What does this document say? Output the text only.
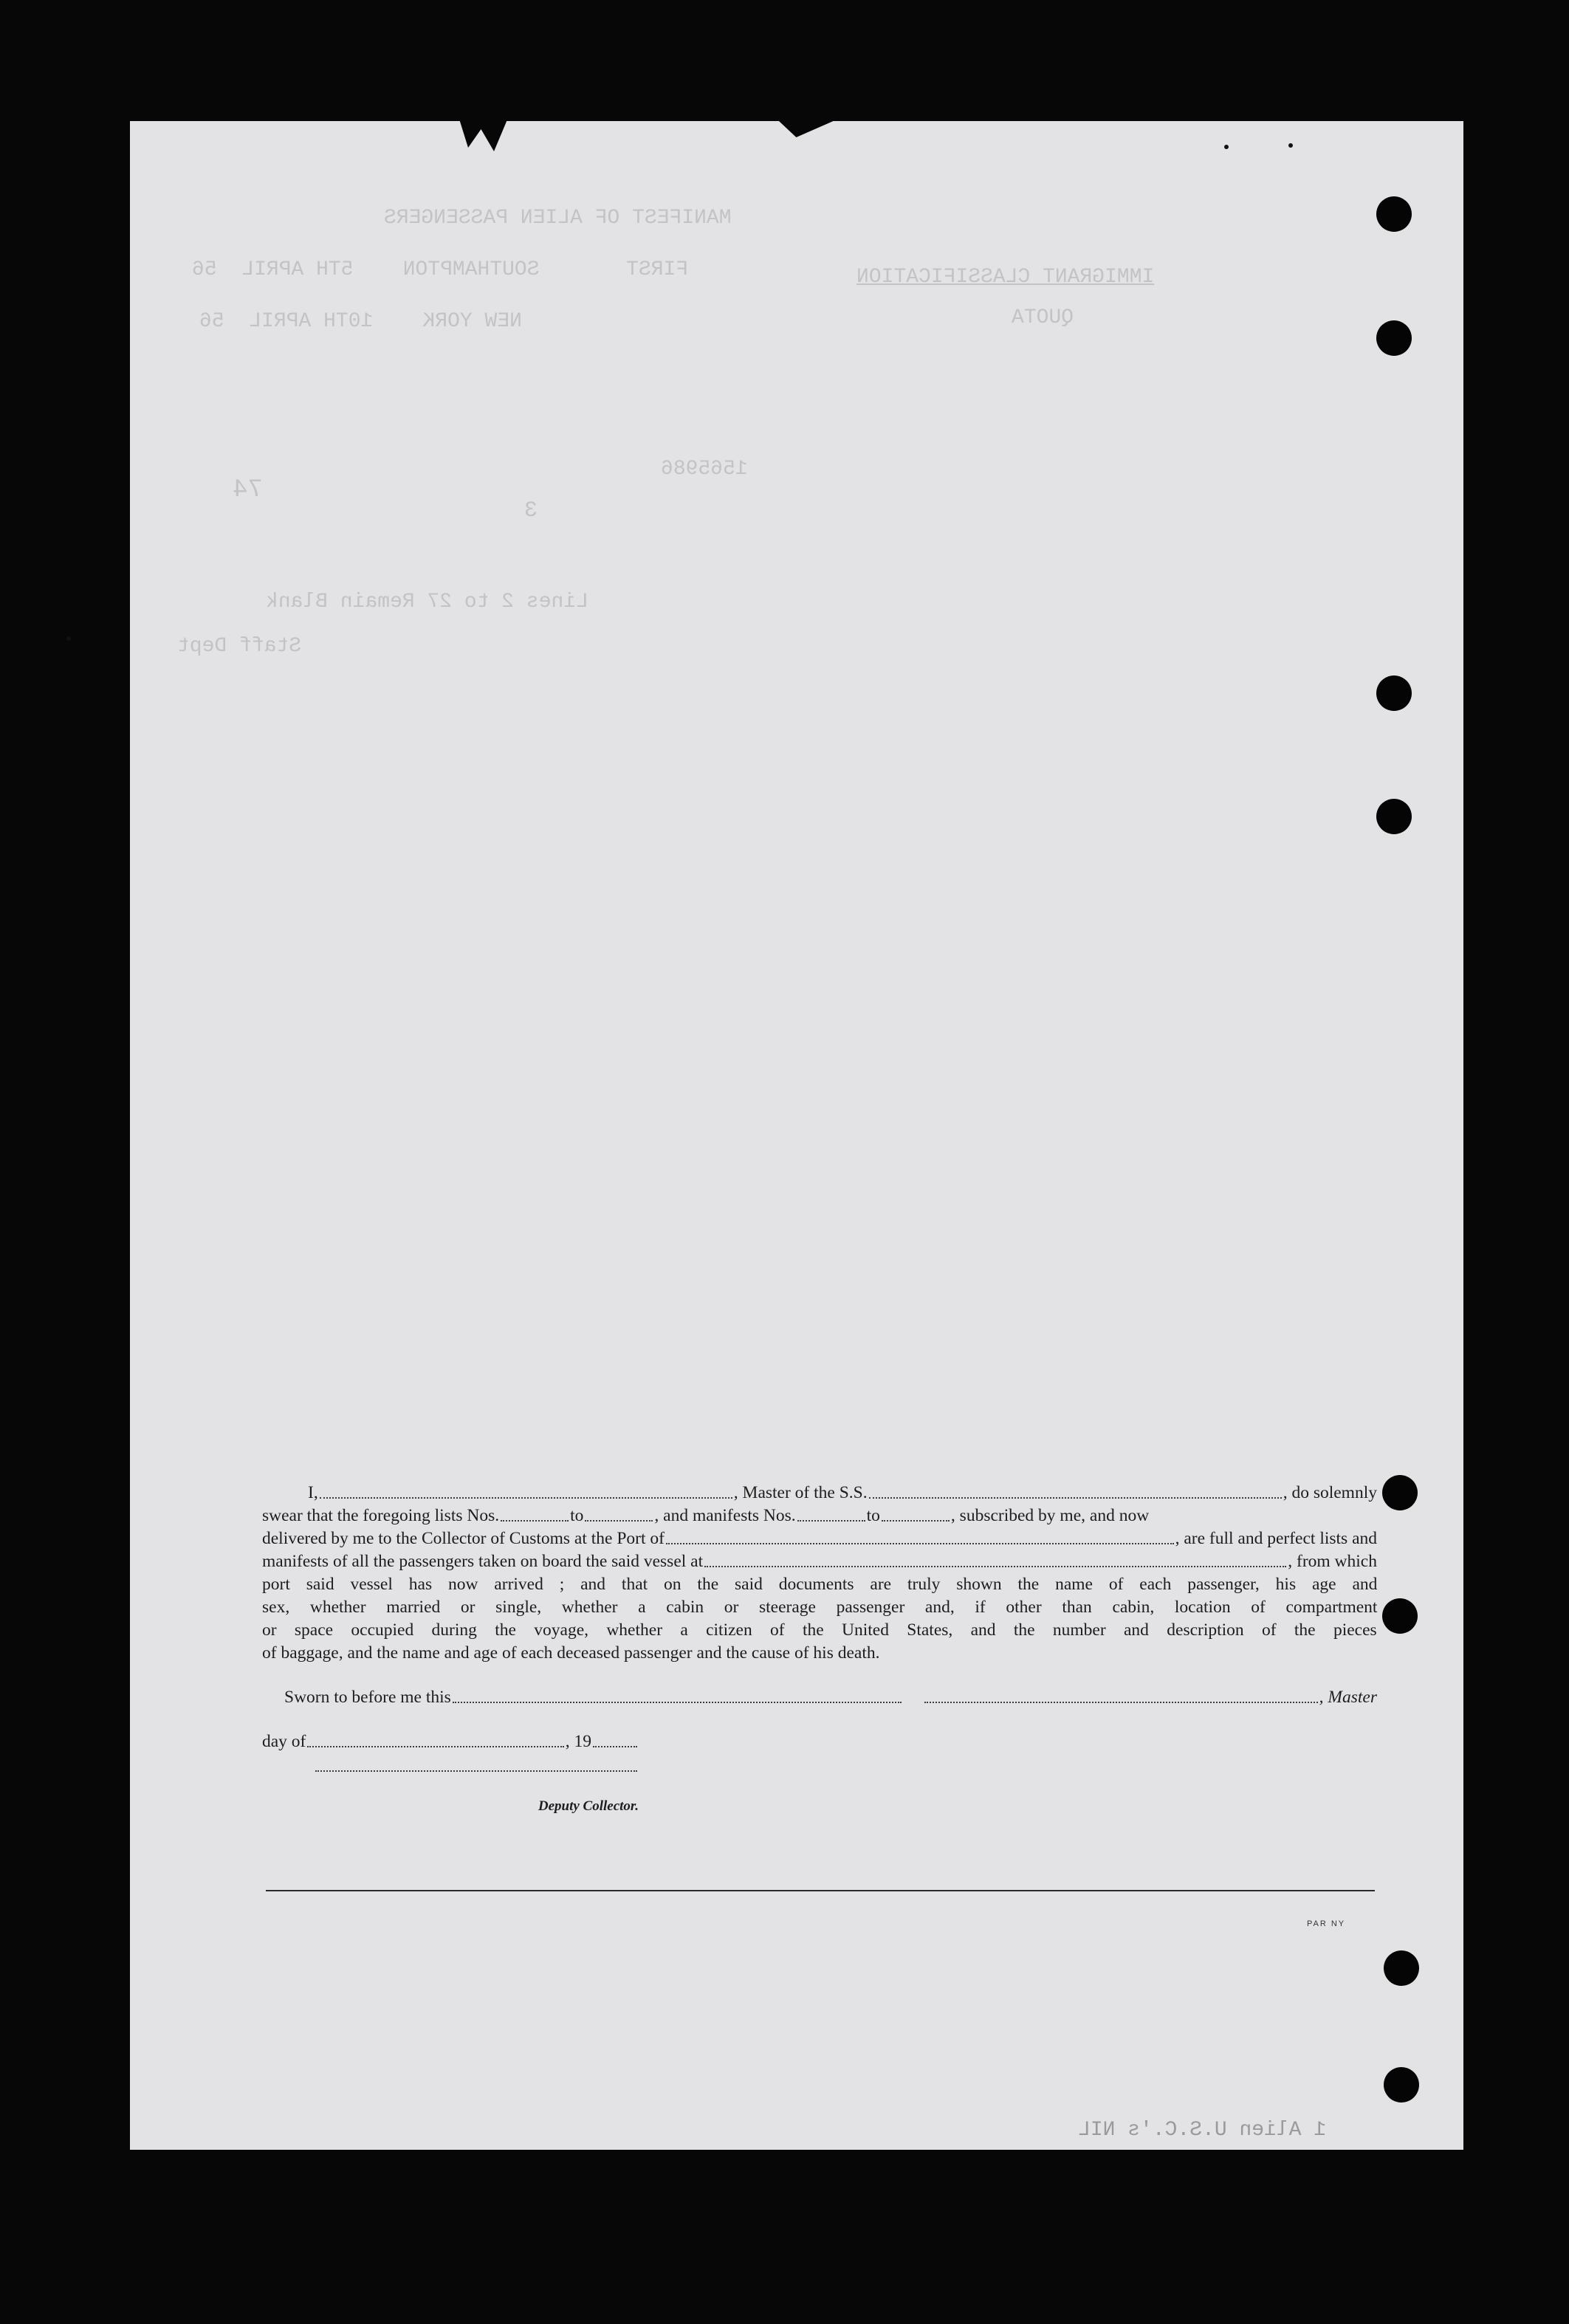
MANIFEST OF ALIEN PASSENGERS
FIRST       SOUTHAMPTON    5TH APRIL  56
NEW YORK    10TH APRIL  56
IMMIGRANT CLASSIFICATION
QUOTA
74
3
1565986
Lines 2 to 27 Remain Blank
Staff Dept
1 Alien U.S.C.'s NIL
I,	, Master of the S.S.	, do solemnly
swear that the foregoing lists Nos.	to	, and manifests Nos.	to	, subscribed by me, and now
delivered by me to the Collector of Customs at the Port of	, are full and perfect lists and
manifests of all the passengers taken on board the said vessel at	, from which
port said vessel has now arrived ; and that on the said documents are truly shown the name of each passenger, his age and
sex, whether married or single, whether a cabin or steerage passenger and, if other than cabin, location of compartment
or space occupied during the voyage, whether a citizen of the United States, and the number and description of the pieces
of baggage, and the name and age of each deceased passenger and the cause of his death.
Sworn to before me this	, Master
day of	, 19
Deputy Collector.
PAR NY
